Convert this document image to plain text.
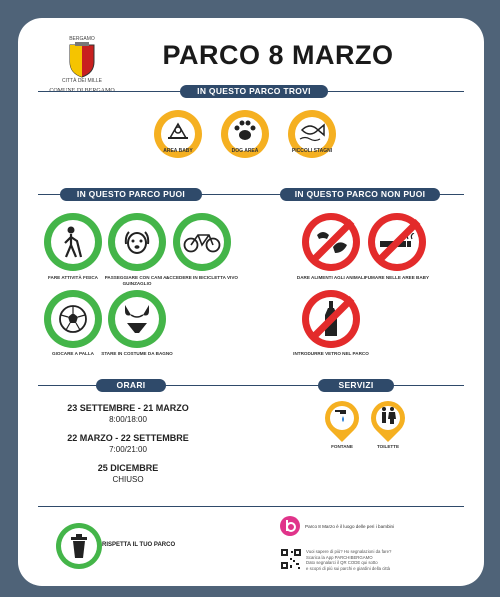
BERGAMO
CITTÀ DEI MILLE
PARCO 8 MARZO
IN QUESTO PARCO TROVI
AREA BABY	DOG AREA	PICCOLI STAGNI
IN QUESTO PARCO PUOI	IN QUESTO PARCO NON PUOI
FARE ATTIVITÀ FISICA	PASSEGGIARE CON CANI AL GUINZAGLIO
ACCEDERE IN BICICLETTA VIVO
GIOCARE A PALLA	STARE IN COSTUME DA BAGNO
DARE ALIMENTI AGLI ANIMALI FUMARE NELLE AREE BABY
INTRODURRE VETRO NEL PARCO
ORARI	SERVIZI
23 SETTEMBRE - 21 MARZO
8:00/18:00
22 MARZO - 22 SETTEMBRE
7:00/21:00
25 DICEMBRE
CHIUSO
FONTANE	TOILETTE
RISPETTA IL TUO PARCO
Parco 8 Marzo è il luogo delle peri i bambini
Vuoi sapere di più? Ho segnalazioni da fare?
Scarica la App PARCHIBERGAMO
Dato segnalarci il QR CODE qui sotto
e scopri di più sui parchi e giardini della città
